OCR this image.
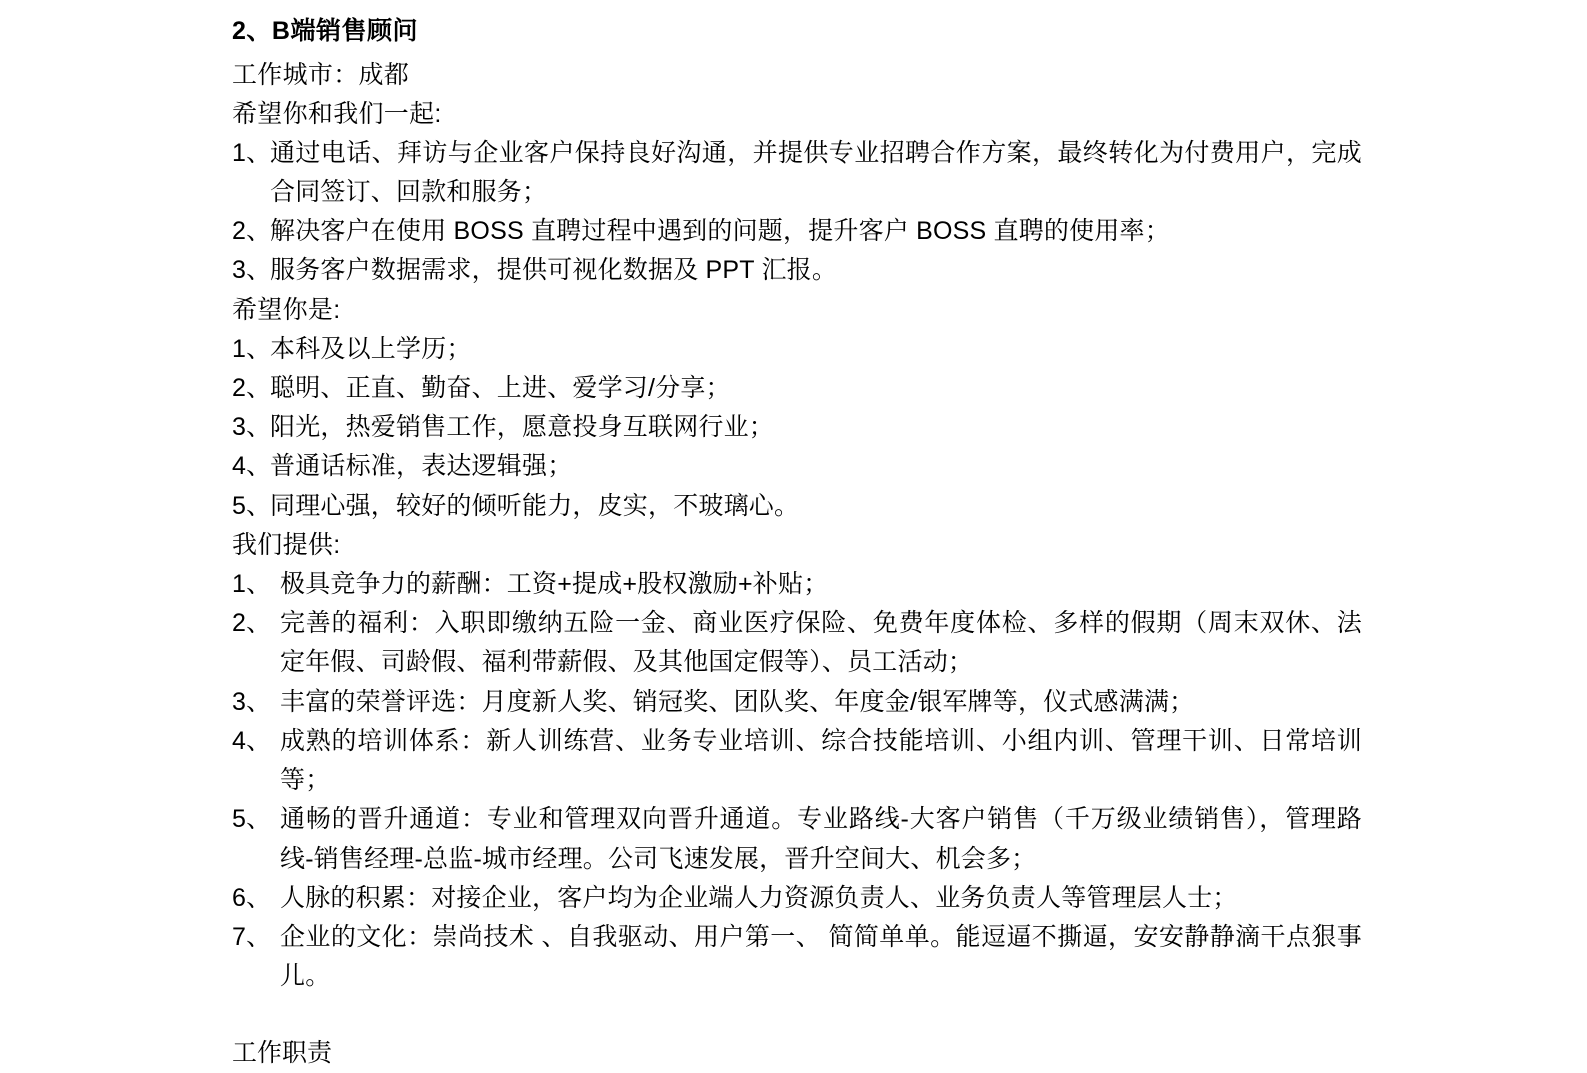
2、B端销售顾问
工作城市：成都
希望你和我们一起:
1、
通过电话、拜访与企业客户保持良好沟通，并提供专业招聘合作方案，最终转化为付费用户，完成合同签订、回款和服务；
2、
解决客户在使用 BOSS 直聘过程中遇到的问题，提升客户 BOSS 直聘的使用率；
3、
服务客户数据需求，提供可视化数据及 PPT 汇报。
希望你是:
1、
本科及以上学历；
2、
聪明、正直、勤奋、上进、爱学习/分享；
3、
阳光，热爱销售工作，愿意投身互联网行业；
4、
普通话标准，表达逻辑强；
5、
同理心强，较好的倾听能力，皮实，不玻璃心。
我们提供:
1、 极具竞争力的薪酬：工资+提成+股权激励+补贴；
2、 完善的福利：入职即缴纳五险一金、商业医疗保险、免费年度体检、多样的假期（周末双休、法定年假、司龄假、福利带薪假、及其他国定假等）、员工活动；
3、 丰富的荣誉评选：月度新人奖、销冠奖、团队奖、年度金/银军牌等，仪式感满满；
4、 成熟的培训体系：新人训练营、业务专业培训、综合技能培训、小组内训、管理干训、日常培训等；
5、 通畅的晋升通道：专业和管理双向晋升通道。专业路线-大客户销售（千万级业绩销售），管理路线-销售经理-总监-城市经理。公司飞速发展，晋升空间大、机会多；
6、 人脉的积累：对接企业，客户均为企业端人力资源负责人、业务负责人等管理层人士；
7、 企业的文化：崇尚技术 、自我驱动、用户第一、 简简单单。能逗逼不撕逼，安安静静滴干点狠事儿。
工作职责
